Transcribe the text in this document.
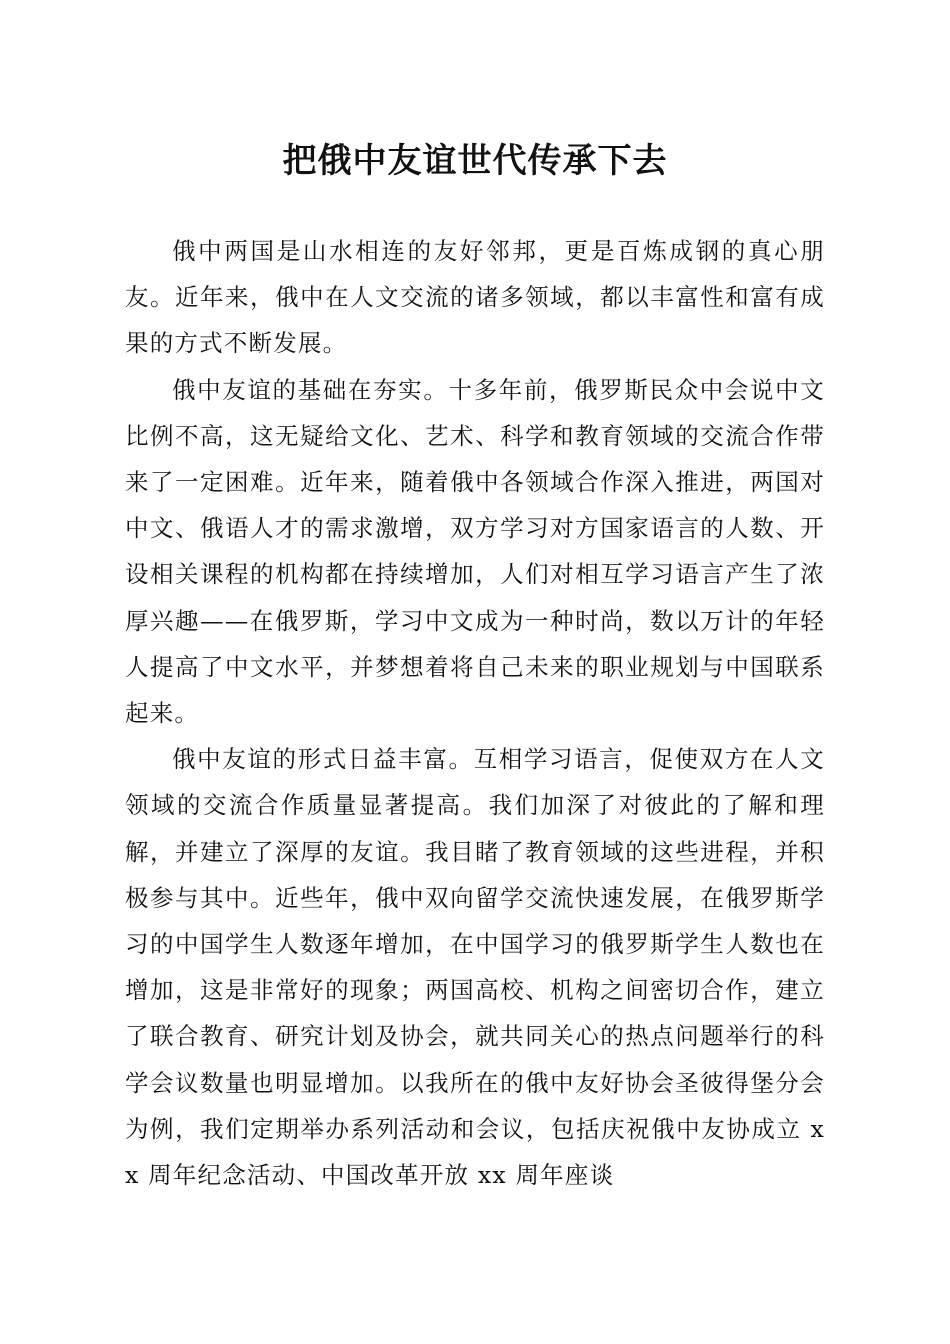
把俄中友谊世代传承下去

俄中两国是山水相连的友好邻邦，更是百炼成钢的真心朋友。近年来，俄中在人文交流的诸多领域，都以丰富性和富有成果的方式不断发展。

俄中友谊的基础在夯实。十多年前，俄罗斯民众中会说中文比例不高，这无疑给文化、艺术、科学和教育领域的交流合作带来了一定困难。近年来，随着俄中各领域合作深入推进，两国对中文、俄语人才的需求激增，双方学习对方国家语言的人数、开设相关课程的机构都在持续增加，人们对相互学习语言产生了浓厚兴趣——在俄罗斯，学习中文成为一种时尚，数以万计的年轻人提高了中文水平，并梦想着将自己未来的职业规划与中国联系起来。

俄中友谊的形式日益丰富。互相学习语言，促使双方在人文领域的交流合作质量显著提高。我们加深了对彼此的了解和理解，并建立了深厚的友谊。我目睹了教育领域的这些进程，并积极参与其中。近些年，俄中双向留学交流快速发展，在俄罗斯学习的中国学生人数逐年增加，在中国学习的俄罗斯学生人数也在增加，这是非常好的现象；两国高校、机构之间密切合作，建立了联合教育、研究计划及协会，就共同关心的热点问题举行的科学会议数量也明显增加。以我所在的俄中友好协会圣彼得堡分会为例，我们定期举办系列活动和会议，包括庆祝俄中友协成立 xx 周年纪念活动、中国改革开放 xx 周年座谈
